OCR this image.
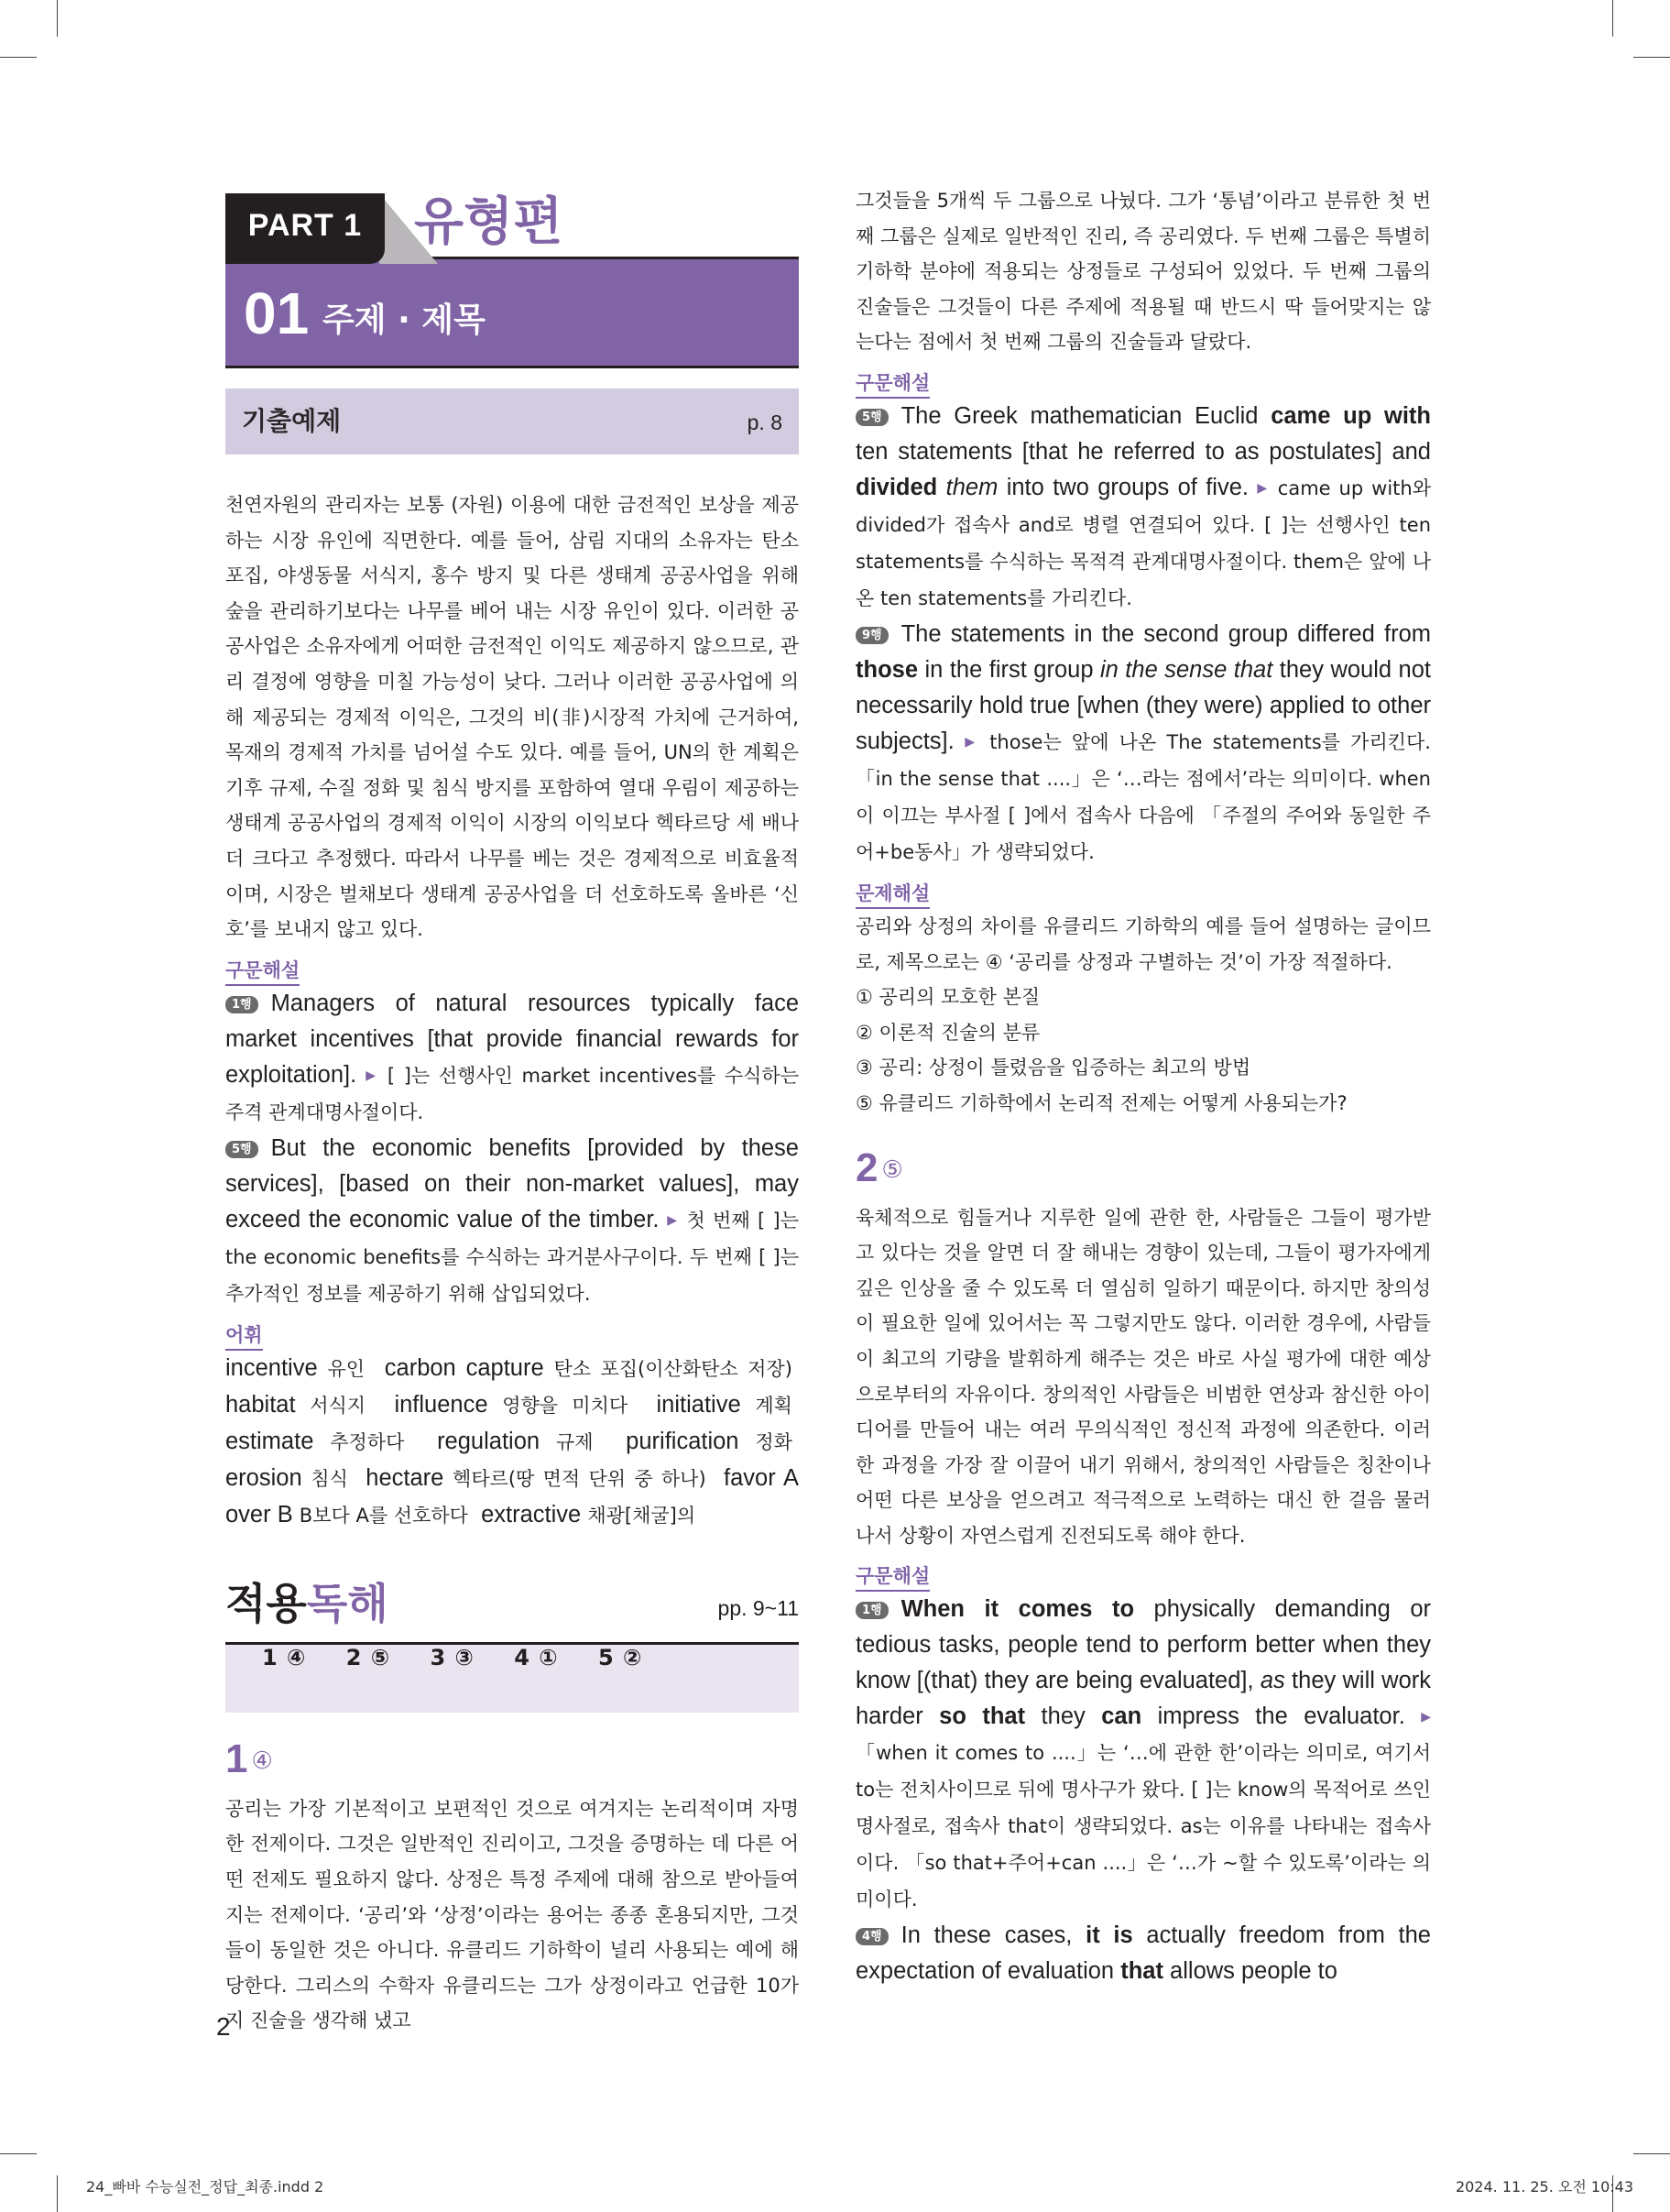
PART 1	유형편
01 주제 · 제목
기출예제	p. 8

천연자원의 관리자는 보통 (자원) 이용에 대한 금전적인 보상을 제공하는 시장 유인에 직면한다. 예를 들어, 삼림 지대의 소유자는 탄소 포집, 야생동물 서식지, 홍수 방지 및 다른 생태계 공공사업을 위해 숲을 관리하기보다는 나무를 베어 내는 시장 유인이 있다. 이러한 공공사업은 소유자에게 어떠한 금전적인 이익도 제공하지 않으므로, 관리 결정에 영향을 미칠 가능성이 낮다. 그러나 이러한 공공사업에 의해 제공되는 경제적 이익은, 그것의 비(非)시장적 가치에 근거하여, 목재의 경제적 가치를 넘어설 수도 있다. 예를 들어, UN의 한 계획은 기후 규제, 수질 정화 및 침식 방지를 포함하여 열대 우림이 제공하는 생태계 공공사업의 경제적 이익이 시장의 이익보다 헥타르당 세 배나 더 크다고 추정했다. 따라서 나무를 베는 것은 경제적으로 비효율적이며, 시장은 벌채보다 생태계 공공사업을 더 선호하도록 올바른 ‘신호’를 보내지 않고 있다.

구문해설

1행 Managers of natural resources typically face market incentives [that provide financial rewards for exploitation]. ▶ [ ]는 선행사인 market incentives를 수식하는 주격 관계대명사절이다.

5행 But the economic benefits [provided by these services], [based on their non-market values], may exceed the economic value of the timber. ▶ 첫 번째 [ ]는 the economic benefits를 수식하는 과거분사구이다. 두 번째 [ ]는 추가적인 정보를 제공하기 위해 삽입되었다.

어휘

incentive 유인 carbon capture 탄소 포집(이산화탄소 저장)  habitat 서식지 influence 영향을 미치다 initiative 계획  estimate 추정하다 regulation 규제 purification 정화  erosion 침식 hectare 헥타르(땅 면적 단위 중 하나) favor A over B B보다 A를 선호하다 extractive 채광[채굴]의

적용독해	pp. 9~11
1 ④ 2 ⑤ 3 ③ 4 ① 5 ②
1 ④

공리는 가장 기본적이고 보편적인 것으로 여겨지는 논리적이며 자명한 전제이다. 그것은 일반적인 진리이고, 그것을 증명하는 데 다른 어떤 전제도 필요하지 않다. 상정은 특정 주제에 대해 참으로 받아들여지는 전제이다. ‘공리’와 ‘상정’이라는 용어는 종종 혼용되지만, 그것들이 동일한 것은 아니다. 유클리드 기하학이 널리 사용되는 예에 해당한다. 그리스의 수학자 유클리드는 그가 상정이라고 언급한 10가지 진술을 생각해 냈고

그것들을 5개씩 두 그룹으로 나눴다. 그가 ‘통념’이라고 분류한 첫 번째 그룹은 실제로 일반적인 진리, 즉 공리였다. 두 번째 그룹은 특별히 기하학 분야에 적용되는 상정들로 구성되어 있었다. 두 번째 그룹의 진술들은 그것들이 다른 주제에 적용될 때 반드시 딱 들어맞지는 않는다는 점에서 첫 번째 그룹의 진술들과 달랐다.

구문해설

5행 The Greek mathematician Euclid came up with ten statements [that he referred to as postulates] and divided them into two groups of five. ▶ came up with와 divided가 접속사 and로 병렬 연결되어 있다. [ ]는 선행사인 ten statements를 수식하는 목적격 관계대명사절이다. them은 앞에 나온 ten statements를 가리킨다.

9행 The statements in the second group differed from those in the first group in the sense that they would not necessarily hold true [when (they were) applied to other subjects]. ▶ those는 앞에 나온 The statements를 가리킨다. 「in the sense that ....」은 ‘…라는 점에서’라는 의미이다. when이 이끄는 부사절 [ ]에서 접속사 다음에 「주절의 주어와 동일한 주어+be동사」가 생략되었다.

문제해설

공리와 상정의 차이를 유클리드 기하학의 예를 들어 설명하는 글이므로, 제목으로는 ④ ‘공리를 상정과 구별하는 것’이 가장 적절하다.

① 공리의 모호한 본질

② 이론적 진술의 분류

③ 공리: 상정이 틀렸음을 입증하는 최고의 방법

⑤ 유클리드 기하학에서 논리적 전제는 어떻게 사용되는가?

2 ⑤

육체적으로 힘들거나 지루한 일에 관한 한, 사람들은 그들이 평가받고 있다는 것을 알면 더 잘 해내는 경향이 있는데, 그들이 평가자에게 깊은 인상을 줄 수 있도록 더 열심히 일하기 때문이다. 하지만 창의성이 필요한 일에 있어서는 꼭 그렇지만도 않다. 이러한 경우에, 사람들이 최고의 기량을 발휘하게 해주는 것은 바로 사실 평가에 대한 예상으로부터의 자유이다. 창의적인 사람들은 비범한 연상과 참신한 아이디어를 만들어 내는 여러 무의식적인 정신적 과정에 의존한다. 이러한 과정을 가장 잘 이끌어 내기 위해서, 창의적인 사람들은 칭찬이나 어떤 다른 보상을 얻으려고 적극적으로 노력하는 대신 한 걸음 물러나서 상황이 자연스럽게 진전되도록 해야 한다.

구문해설

1행 When it comes to physically demanding or tedious tasks, people tend to perform better when they know [(that) they are being evaluated], as they will work harder so that they can impress the evaluator. ▶ 「when it comes to ....」는 ‘…에 관한 한’이라는 의미로, 여기서 to는 전치사이므로 뒤에 명사구가 왔다. [ ]는 know의 목적어로 쓰인 명사절로, 접속사 that이 생략되었다. as는 이유를 나타내는 접속사이다. 「so that+주어+can ....」은 ‘…가 ~할 수 있도록’이라는 의미이다.

4행 In these cases, it is actually freedom from the expectation of evaluation that allows people to

2
24_빠바 수능실전_정답_최종.indd 2	2024. 11. 25. 오전 10:43
